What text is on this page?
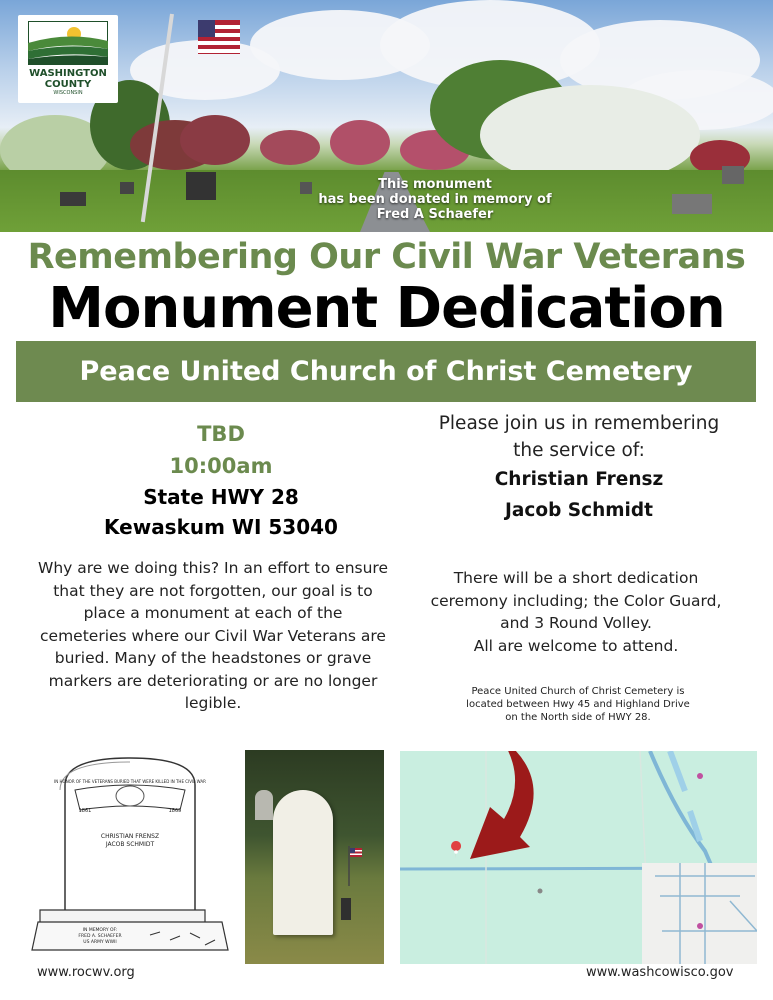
This monument
has been donated in memory of
Fred A Schaefer
WASHINGTON
COUNTY
WISCONSIN
Remembering Our Civil War Veterans
Monument Dedication
Peace United Church of Christ Cemetery
TBD
10:00am
State HWY 28
Kewaskum WI 53040
Why are we doing this? In an effort to ensure that they are not forgotten, our goal is to place a monument at each of the cemeteries where our Civil War Veterans are buried. Many of the headstones or grave markers are deteriorating or are no longer legible.
Please join us in remembering
the service of:
Christian Frensz
Jacob Schmidt
There will be a short dedication
ceremony including; the Color Guard,
and 3 Round Volley.
All are welcome to attend.
Peace United Church of Christ Cemetery is
located between Hwy 45 and Highland Drive
on the North side of HWY 28.
IN HONOR OF THE VETERANS BURIED THAT WERE KILLED IN THE CIVIL WAR
1861	1865
CHRISTIAN FRENSZ
JACOB SCHMIDT
IN MEMORY OF:
FRED A. SCHAEFER
US ARMY WWII
www.rocwv.org	www.washcowisco.gov
